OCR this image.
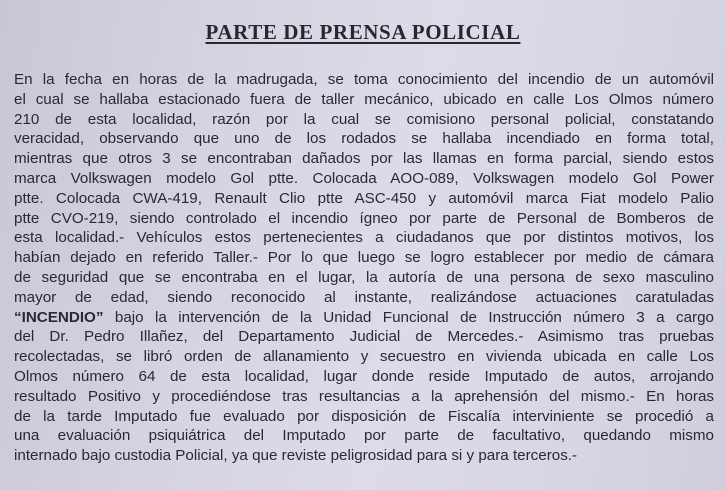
PARTE DE PRENSA POLICIAL
En la fecha en horas de la madrugada, se toma conocimiento del incendio de un automóvil
el cual se hallaba estacionado fuera de taller mecánico, ubicado en calle Los Olmos número
210 de esta localidad, razón por la cual se comisiono personal policial, constatando
veracidad, observando que uno de los rodados se hallaba incendiado en forma total,
mientras que otros 3 se encontraban dañados por las llamas en forma parcial, siendo estos
marca Volkswagen modelo Gol ptte. Colocada AOO-089, Volkswagen modelo Gol Power
ptte. Colocada CWA-419, Renault Clio ptte ASC-450 y automóvil marca Fiat modelo Palio
ptte CVO-219, siendo controlado el incendio ígneo por parte de Personal de Bomberos de
esta localidad.- Vehículos estos pertenecientes a ciudadanos que por distintos motivos, los
habían dejado en referido Taller.- Por lo que luego se logro establecer por medio de cámara
de seguridad que se encontraba en el lugar, la autoría de una persona de sexo masculino
mayor de edad, siendo reconocido al instante, realizándose actuaciones caratuladas
“INCENDIO” bajo la intervención de la Unidad Funcional de Instrucción número 3 a cargo
del Dr. Pedro Illañez, del Departamento Judicial de Mercedes.- Asimismo tras pruebas
recolectadas, se libró orden de allanamiento y secuestro en vivienda ubicada en calle Los
Olmos número 64 de esta localidad, lugar donde reside Imputado de autos, arrojando
resultado Positivo y procediéndose tras resultancias a la aprehensión del mismo.- En horas
de la tarde Imputado fue evaluado por disposición de Fiscalía interviniente se procedió a
una evaluación psiquiátrica del Imputado por parte de facultativo, quedando mismo
internado bajo custodia Policial, ya que reviste peligrosidad para si y para terceros.-
